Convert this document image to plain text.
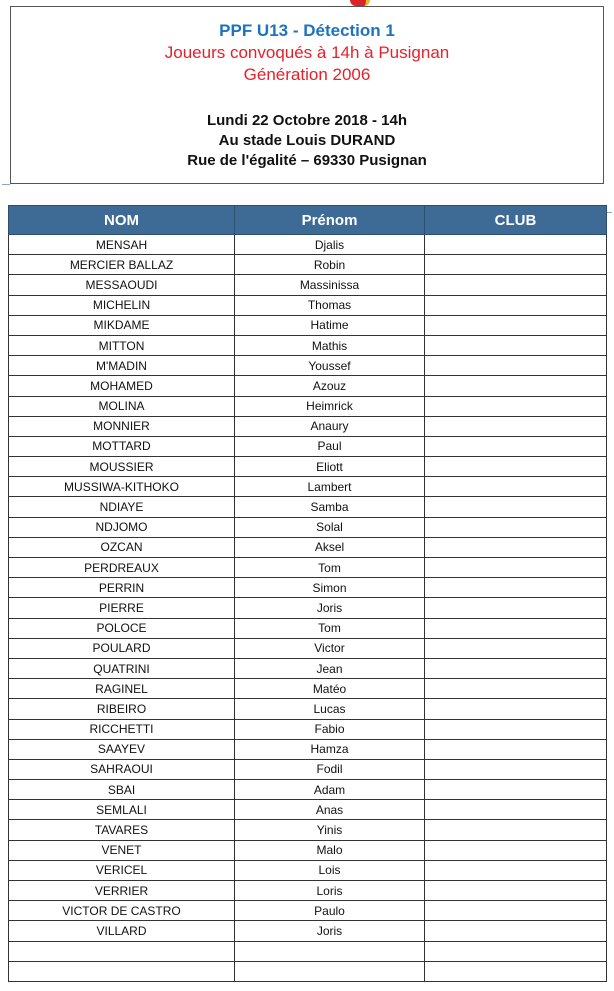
PPF U13 - Détection 1
Joueurs convoqués à 14h à Pusignan
Génération 2006
Lundi 22 Octobre 2018 - 14h
Au stade Louis DURAND
Rue de l'égalité – 69330 Pusignan
NOM	Prénom	CLUB
MENSAH	Djalis	
MERCIER BALLAZ	Robin	
MESSAOUDI	Massinissa	
MICHELIN	Thomas	
MIKDAME	Hatime	
MITTON	Mathis	
M'MADIN	Youssef	
MOHAMED	Azouz	
MOLINA	Heimrick	
MONNIER	Anaury	
MOTTARD	Paul	
MOUSSIER	Eliott	
MUSSIWA-KITHOKO	Lambert	
NDIAYE	Samba	
NDJOMO	Solal	
OZCAN	Aksel	
PERDREAUX	Tom	
PERRIN	Simon	
PIERRE	Joris	
POLOCE	Tom	
POULARD	Victor	
QUATRINI	Jean	
RAGINEL	Matéo	
RIBEIRO	Lucas	
RICCHETTI	Fabio	
SAAYEV	Hamza	
SAHRAOUI	Fodil	
SBAI	Adam	
SEMLALI	Anas	
TAVARES	Yinis	
VENET	Malo	
VERICEL	Lois	
VERRIER	Loris	
VICTOR DE CASTRO	Paulo	
VILLARD	Joris	
